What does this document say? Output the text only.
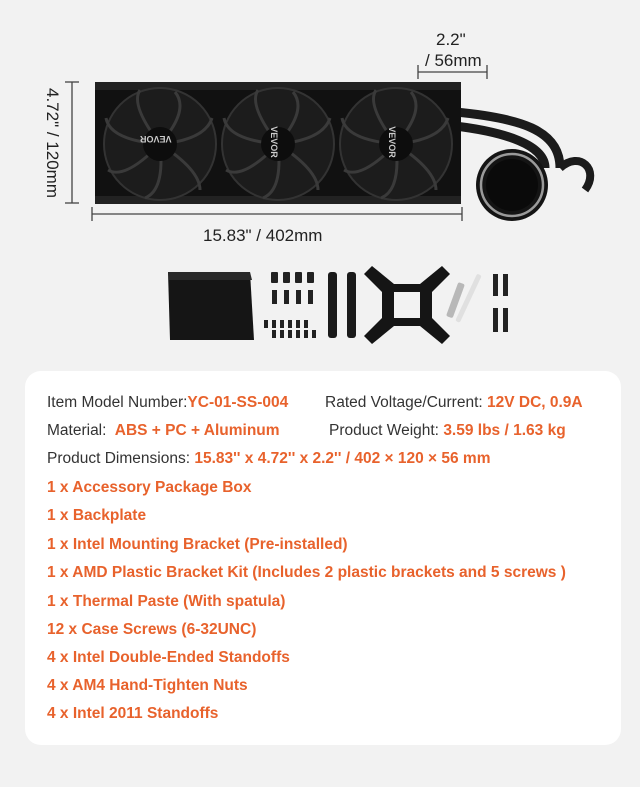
VEVOR	VEVOR	VEVOR
2.2"
/ 56mm
4.72" / 120mm
15.83" / 402mm
Item Model Number:YC-01-SS-004 Rated Voltage/Current: 12V DC, 0.9A
Material: ABS + PC + Aluminum	Product Weight: 3.59 lbs / 1.63 kg
Product Dimensions: 15.83'' x 4.72'' x 2.2'' / 402 × 120 × 56 mm
1 x Accessory Package Box
1 x Backplate
1 x Intel Mounting Bracket (Pre-installed)
1 x AMD Plastic Bracket Kit (Includes 2 plastic brackets and 5 screws )
1 x Thermal Paste (With spatula)
12 x Case Screws (6-32UNC)
4 x Intel Double-Ended Standoffs
4 x AM4 Hand-Tighten Nuts
4 x Intel 2011 Standoffs
